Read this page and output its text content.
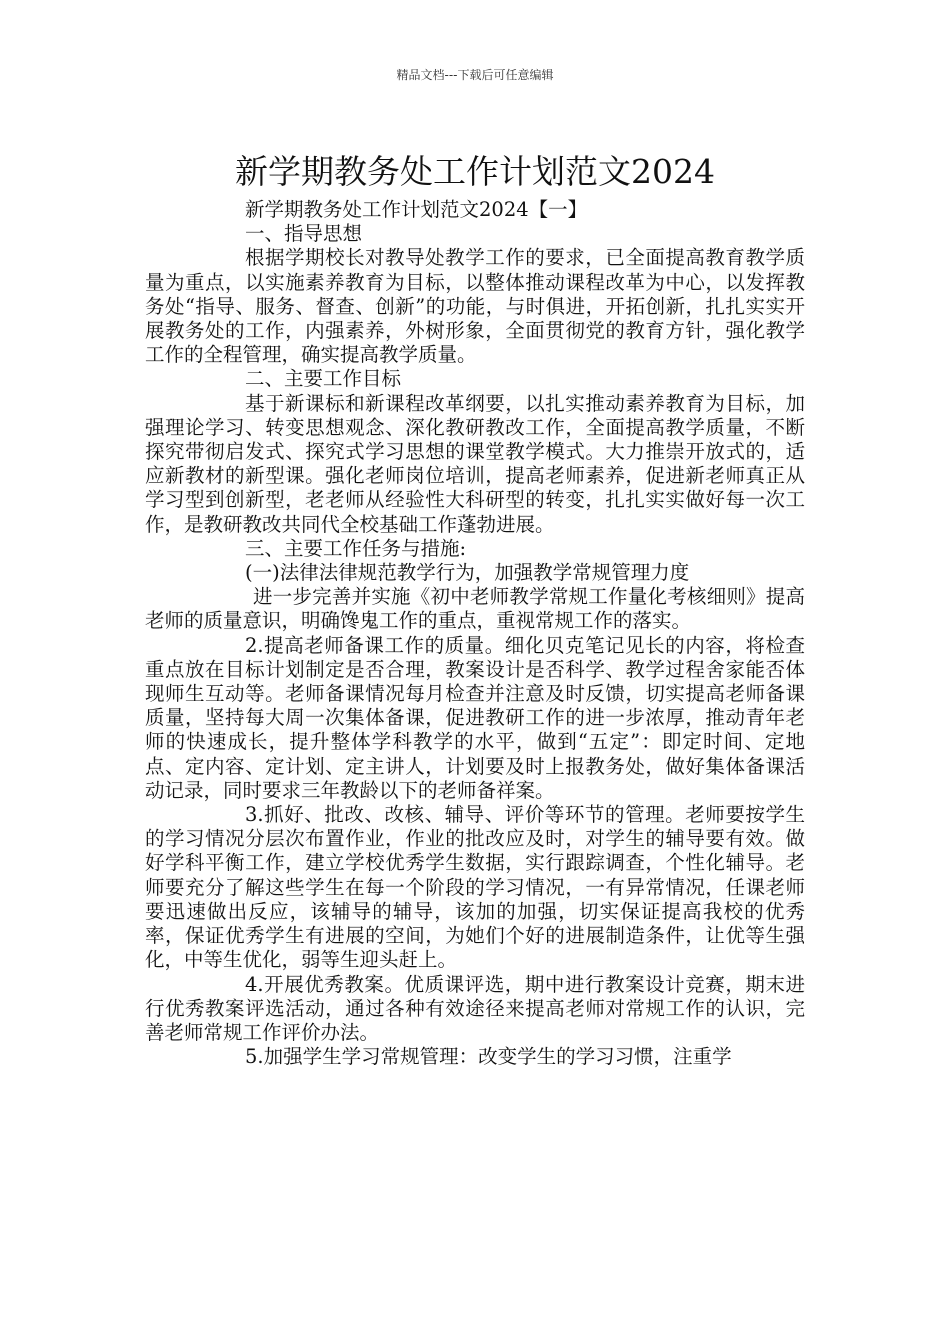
精品文档---下载后可任意编辑
新学期教务处工作计划范文2024

新学期教务处工作计划范文2024【一】

一、指导思想

根据学期校长对教导处教学工作的要求，已全面提高教育教学质量为重点，以实施素养教育为目标，以整体推动课程改革为中心，以发挥教务处“指导、服务、督查、创新”的功能，与时俱进，开拓创新，扎扎实实开展教务处的工作，内强素养，外树形象，全面贯彻党的教育方针，强化教学工作的全程管理，确实提高教学质量。

二、主要工作目标

基于新课标和新课程改革纲要，以扎实推动素养教育为目标，加强理论学习、转变思想观念、深化教研教改工作，全面提高教学质量，不断探究带彻启发式、探究式学习思想的课堂教学模式。大力推崇开放式的，适应新教材的新型课。强化老师岗位培训，提高老师素养，促进新老师真正从学习型到创新型，老老师从经验性大科研型的转变，扎扎实实做好每一次工作，是教研教改共同代全校基础工作蓬勃进展。

三、主要工作任务与措施:

(一)法律法律规范教学行为，加强教学常规管理力度

进一步完善并实施《初中老师教学常规工作量化考核细则》提高老师的质量意识，明确馋鬼工作的重点，重视常规工作的落实。

2.提高老师备课工作的质量。细化贝克笔记见长的内容，将检查重点放在目标计划制定是否合理，教案设计是否科学、教学过程舍家能否体现师生互动等。老师备课情况每月检查并注意及时反馈，切实提高老师备课质量，坚持每大周一次集体备课，促进教研工作的进一步浓厚，推动青年老师的快速成长，提升整体学科教学的水平，做到“五定”：即定时间、定地点、定内容、定计划、定主讲人，计划要及时上报教务处，做好集体备课活动记录，同时要求三年教龄以下的老师备祥案。

3.抓好、批改、改核、辅导、评价等环节的管理。老师要按学生的学习情况分层次布置作业，作业的批改应及时，对学生的辅导要有效。做好学科平衡工作，建立学校优秀学生数据，实行跟踪调查，个性化辅导。老师要充分了解这些学生在每一个阶段的学习情况，一有异常情况，任课老师要迅速做出反应，该辅导的辅导，该加的加强，切实保证提高我校的优秀率，保证优秀学生有进展的空间，为她们个好的进展制造条件，让优等生强化，中等生优化，弱等生迎头赶上。

4.开展优秀教案。优质课评选，期中进行教案设计竞赛，期末进行优秀教案评选活动，通过各种有效途径来提高老师对常规工作的认识，完善老师常规工作评价办法。

5.加强学生学习常规管理：改变学生的学习习惯，注重学
